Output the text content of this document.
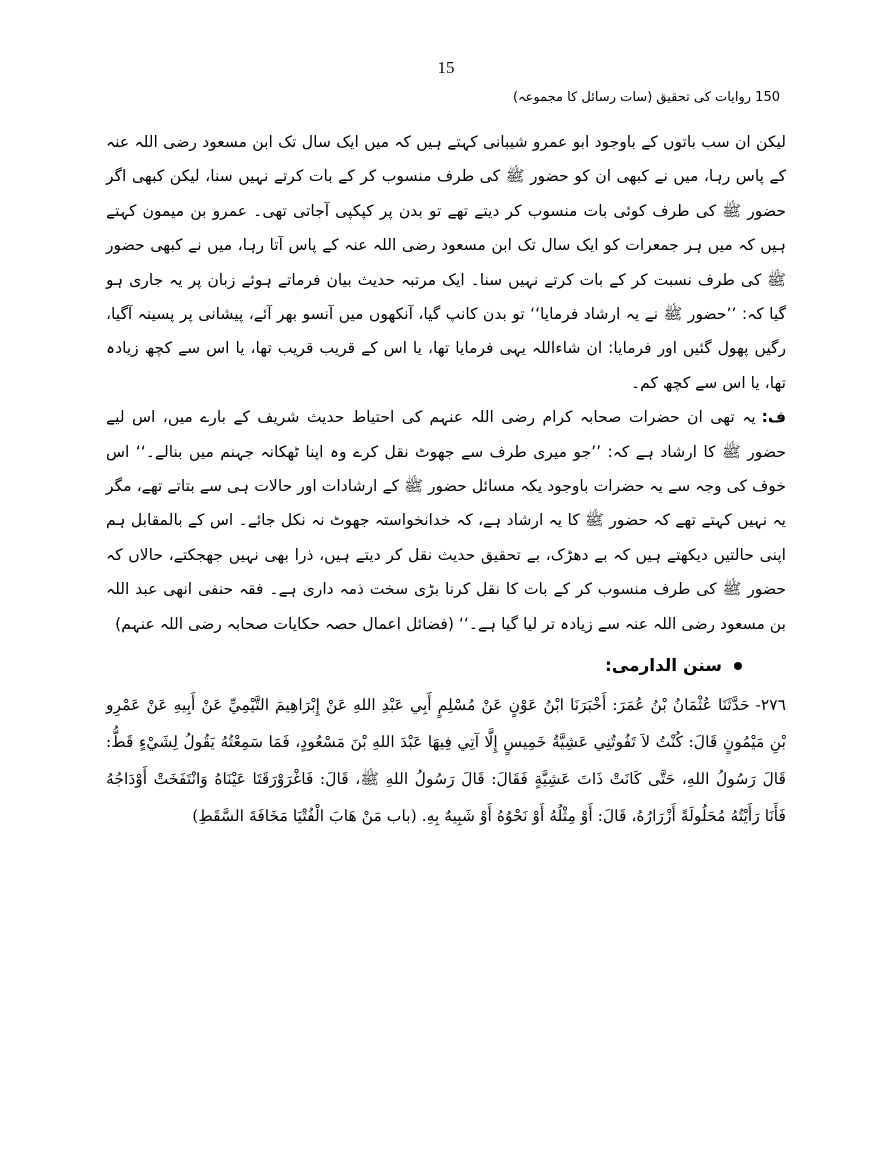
15
150 روایات کی تحقیق (سات رسائل کا مجموعہ)

لیکن ان سب باتوں کے باوجود ابو عمرو شیبانی کہتے ہیں کہ میں ایک سال تک ابن مسعود رضی اللہ عنہ کے پاس رہا، میں نے کبھی ان کو حضور ﷺ کی طرف منسوب کر کے بات کرتے نہیں سنا، لیکن کبھی اگر حضور ﷺ کی طرف کوئی بات منسوب کر دیتے تھے تو بدن پر کپکپی آجاتی تھی۔ عمرو بن میمون کہتے ہیں کہ میں ہر جمعرات کو ایک سال تک ابن مسعود رضی اللہ عنہ کے پاس آتا رہا، میں نے کبھی حضور ﷺ کی طرف نسبت کر کے بات کرتے نہیں سنا۔ ایک مرتبہ حدیث بیان فرماتے ہوئے زبان پر یہ جاری ہو گیا کہ: ’’حضور ﷺ نے یہ ارشاد فرمایا‘‘ تو بدن کانپ گیا، آنکھوں میں آنسو بھر آئے، پیشانی پر پسینہ آگیا، رگیں پھول گئیں اور فرمایا: ان شاءاللہ یہی فرمایا تھا، یا اس کے قریب قریب تھا، یا اس سے کچھ زیادہ تھا، یا اس سے کچھ کم۔

ف:یہ تھی ان حضرات صحابہ کرام رضی اللہ عنہم کی احتیاط حدیث شریف کے بارے میں، اس لیے حضور ﷺ کا ارشاد ہے کہ: ’’جو میری طرف سے جھوٹ نقل کرے وہ اپنا ٹھکانہ جہنم میں بنالے۔‘‘ اس خوف کی وجہ سے یہ حضرات باوجود یکہ مسائل حضور ﷺ کے ارشادات اور حالات ہی سے بتاتے تھے، مگر یہ نہیں کہتے تھے کہ حضور ﷺ کا یہ ارشاد ہے، کہ خدانخواستہ جھوٹ نہ نکل جائے۔ اس کے بالمقابل ہم اپنی حالتیں دیکھتے ہیں کہ بے دھڑک، بے تحقیق حدیث نقل کر دیتے ہیں، ذرا بھی نہیں جھجکتے، حالاں کہ حضور ﷺ کی طرف منسوب کر کے بات کا نقل کرنا بڑی سخت ذمہ داری ہے۔ فقہ حنفی انھی عبد اللہ بن مسعود رضی اللہ عنہ سے زیادہ تر لیا گیا ہے۔‘‘ (فضائل اعمال حصہ حکایات صحابہ رضی اللہ عنہم)

سنن الدارمی:

٢٧٦- حَدَّثَنَا عُثْمَانُ بْنُ عُمَرَ: أَخْبَرَنَا ابْنُ عَوْنٍ عَنْ مُسْلِمٍ أَبِي عَبْدِ اللهِ عَنْ إِبْرَاهِيمَ التَّيْمِيِّ عَنْ أَبِيهِ عَنْ عَمْرِو بْنِ مَيْمُونٍ قَالَ: كُنْتُ لاَ تَفُوتُنِي عَشِيَّةُ خَمِيسٍ إِلَّا آتِي فِيهَا عَبْدَ اللهِ بْنَ مَسْعُودٍ، فَمَا سَمِعْتُهُ يَقُولُ لِشَيْءٍ قَطُّ: قَالَ رَسُولُ اللهِ، حَتَّى كَانَتْ ذَاتَ عَشِيَّةٍ فَقَالَ: قَالَ رَسُولُ اللهِ ﷺ، قَالَ: فَاغْرَوْرَقَتَا عَيْنَاهُ وَانْتَفَخَتْ أَوْدَاجُهُ فَأَنَا رَأَيْتُهُ مُحَلُولَةً أَزْرَارُهُ، قَالَ: أَوْ مِثْلُهُ أَوْ نَحْوُهُ أَوْ شَبِيهٌ بِهِ. (باب مَنْ هَابَ الْفُتْيَا مَخَافَةَ السَّقَطِ)
